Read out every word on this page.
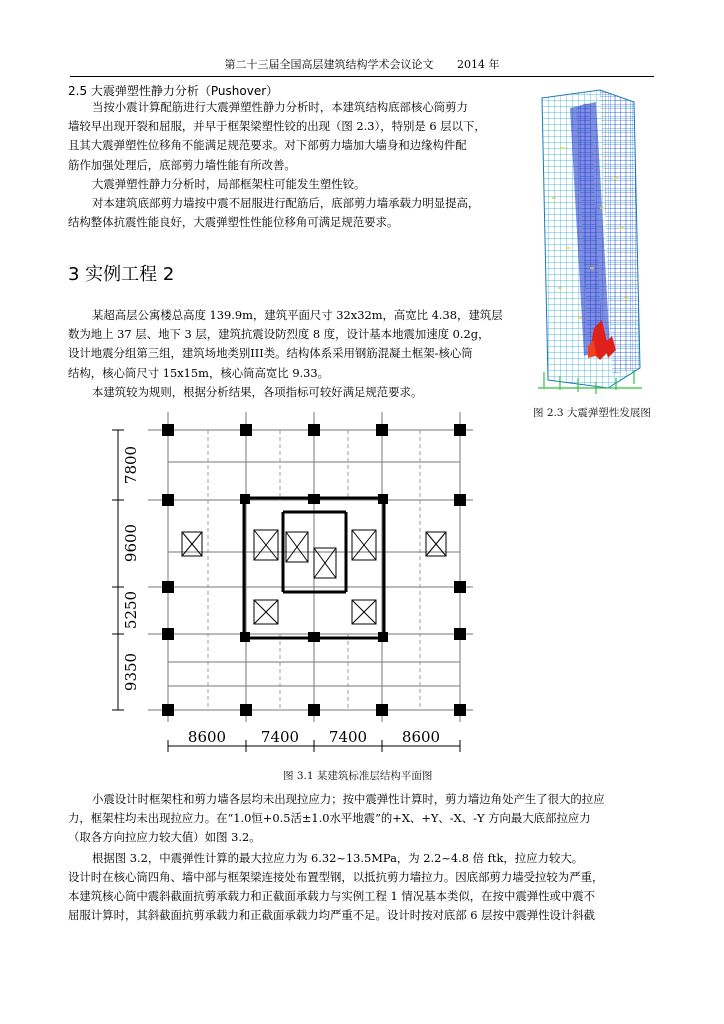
第二十三届全国高层建筑结构学术会议论文 2014 年
2.5 大震弹塑性静力分析（Pushover）
当按小震计算配筋进行大震弹塑性静力分析时，本建筑结构底部核心筒剪力
墙较早出现开裂和屈服，并早于框架梁塑性铰的出现（图 2.3），特别是 6 层以下，
且其大震弹塑性位移角不能满足规范要求。对下部剪力墙加大墙身和边缘构件配
筋作加强处理后，底部剪力墙性能有所改善。
大震弹塑性静力分析时，局部框架柱可能发生塑性铰。
对本建筑底部剪力墙按中震不屈服进行配筋后，底部剪力墙承载力明显提高，
结构整体抗震性能良好，大震弹塑性性能位移角可满足规范要求。
图 2.3 大震弹塑性发展图
3 实例工程 2
某超高层公寓楼总高度 139.9m，建筑平面尺寸 32x32m，高宽比 4.38，建筑层
数为地上 37 层、地下 3 层，建筑抗震设防烈度 8 度，设计基本地震加速度 0.2g，
设计地震分组第三组，建筑场地类别III类。结构体系采用钢筋混凝土框架-核心筒
结构，核心筒尺寸 15x15m，核心筒高宽比 9.33。
本建筑较为规则，根据分析结果，各项指标可较好满足规范要求。
8600 7400 7400 8600
7800
9600
5250
9350
图 3.1 某建筑标准层结构平面图
小震设计时框架柱和剪力墙各层均未出现拉应力；按中震弹性计算时，剪力墙边角处产生了很大的拉应
力，框架柱均未出现拉应力。在“1.0恒+0.5活±1.0水平地震”的+X、+Y、-X、-Y 方向最大底部拉应力
（取各方向拉应力较大值）如图 3.2。
根据图 3.2，中震弹性计算的最大拉应力为 6.32~13.5MPa，为 2.2~4.8 倍 ftk，拉应力较大。
设计时在核心筒四角、墙中部与框架梁连接处布置型钢，以抵抗剪力墙拉力。因底部剪力墙受拉较为严重，
本建筑核心筒中震斜截面抗剪承载力和正截面承载力与实例工程 1 情况基本类似，在按中震弹性或中震不
屈服计算时，其斜截面抗剪承载力和正截面承载力均严重不足。设计时按对底部 6 层按中震弹性设计斜截
